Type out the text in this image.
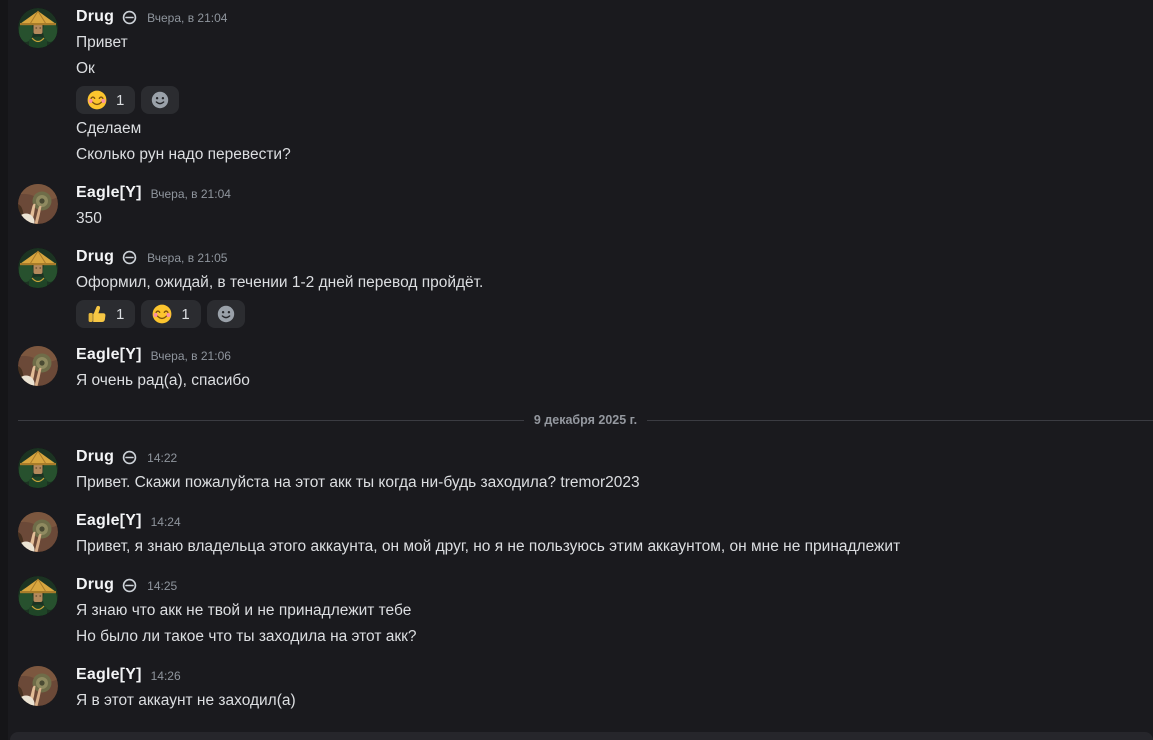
Drug	Вчера, в 21:04
Привет
Ок
1
Сделаем
Сколько рун надо перевести?
Eagle[Y] Вчера, в 21:04
350
Drug	Вчера, в 21:05
Оформил, ожидай, в течении 1-2 дней перевод пройдёт.
1	1
Eagle[Y] Вчера, в 21:06
Я очень рад(а), спасибо
9 декабря 2025 г.
Drug	14:22
Привет. Скажи пожалуйста на этот акк ты когда ни-будь заходила? tremor2023
Eagle[Y] 14:24
Привет, я знаю владельца этого аккаунта, он мой друг, но я не пользуюсь этим аккаунтом, он мне не принадлежит
Drug	14:25
Я знаю что акк не твой и не принадлежит тебе
Но было ли такое что ты заходила на этот акк?
Eagle[Y] 14:26
Я в этот аккаунт не заходил(а)
